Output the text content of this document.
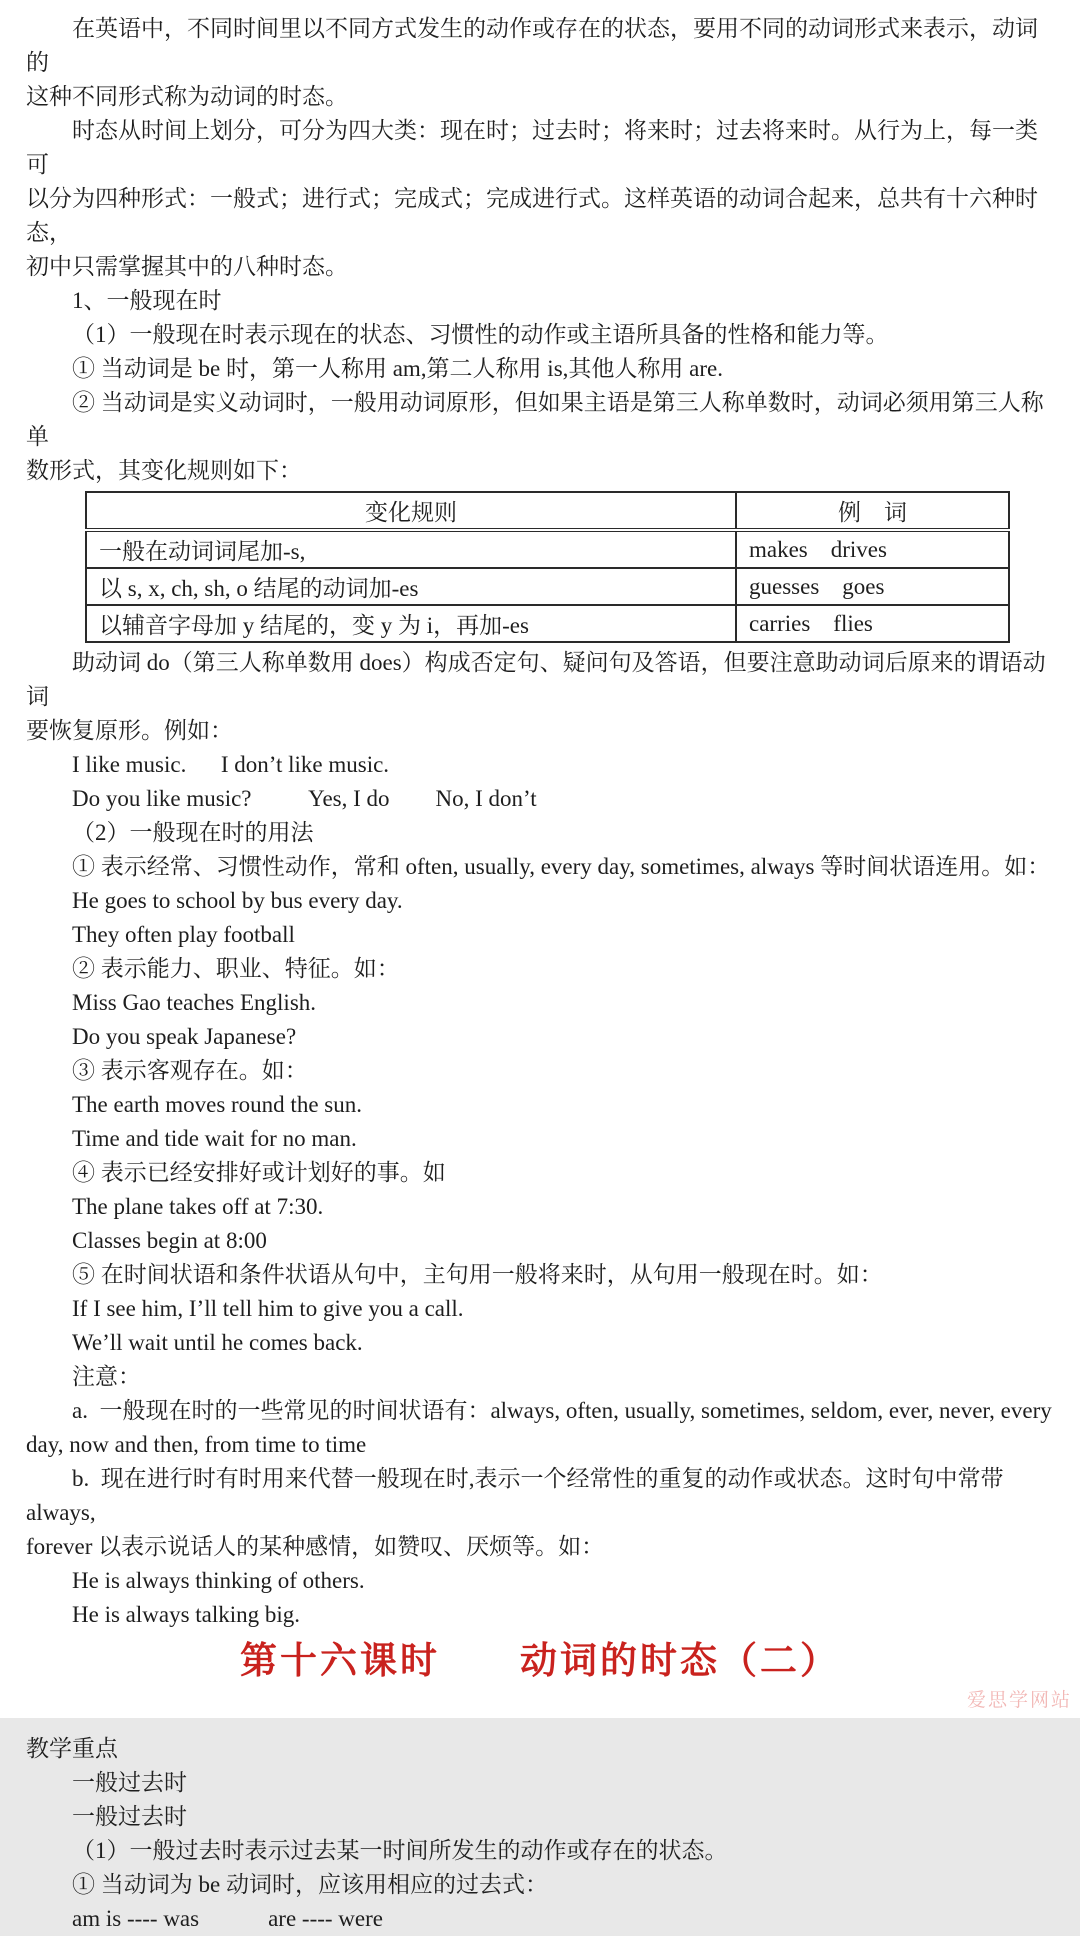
在英语中，不同时间里以不同方式发生的动作或存在的状态，要用不同的动词形式来表示，动词的
这种不同形式称为动词的时态。
时态从时间上划分，可分为四大类：现在时；过去时；将来时；过去将来时。从行为上，每一类可
以分为四种形式：一般式；进行式；完成式；完成进行式。这样英语的动词合起来，总共有十六种时态，
初中只需掌握其中的八种时态。
1、一般现在时
（1）一般现在时表示现在的状态、习惯性的动作或主语所具备的性格和能力等。
① 当动词是 be 时，第一人称用 am,第二人称用 is,其他人称用 are.
② 当动词是实义动词时，一般用动词原形，但如果主语是第三人称单数时，动词必须用第三人称单
数形式，其变化规则如下：
变化规则	例　词
一般在动词词尾加-s,	makes    drives
以 s, x, ch, sh, o 结尾的动词加-es	guesses    goes
以辅音字母加 y 结尾的，变 y 为 i，再加-es	carries    flies
助动词 do（第三人称单数用 does）构成否定句、疑问句及答语，但要注意助动词后原来的谓语动词
要恢复原形。例如：
I like music.      I don’t like music.
Do you like music?          Yes, I do        No, I don’t
（2）一般现在时的用法
① 表示经常、习惯性动作，常和 often, usually, every day, sometimes, always 等时间状语连用。如：
He goes to school by bus every day.
They often play football
② 表示能力、职业、特征。如：
Miss Gao teaches English.
Do you speak Japanese?
③ 表示客观存在。如：
The earth moves round the sun.
Time and tide wait for no man.
④ 表示已经安排好或计划好的事。如
The plane takes off at 7:30.
Classes begin at 8:00
⑤ 在时间状语和条件状语从句中，主句用一般将来时，从句用一般现在时。如：
If I see him, I’ll tell him to give you a call.
We’ll wait until he comes back.
注意：
a.  一般现在时的一些常见的时间状语有：always, often, usually, sometimes, seldom, ever, never, every
day, now and then, from time to time
b.  现在进行时有时用来代替一般现在时,表示一个经常性的重复的动作或状态。这时句中常带 always,
forever 以表示说话人的某种感情，如赞叹、厌烦等。如：
He is always thinking of others.
He is always talking big.
第十六课时　　动词的时态（二）
教学重点
一般过去时
一般过去时
（1）一般过去时表示过去某一时间所发生的动作或存在的状态。
① 当动词为 be 动词时，应该用相应的过去式：
am is ---- was            are ---- were
爱思学网站
